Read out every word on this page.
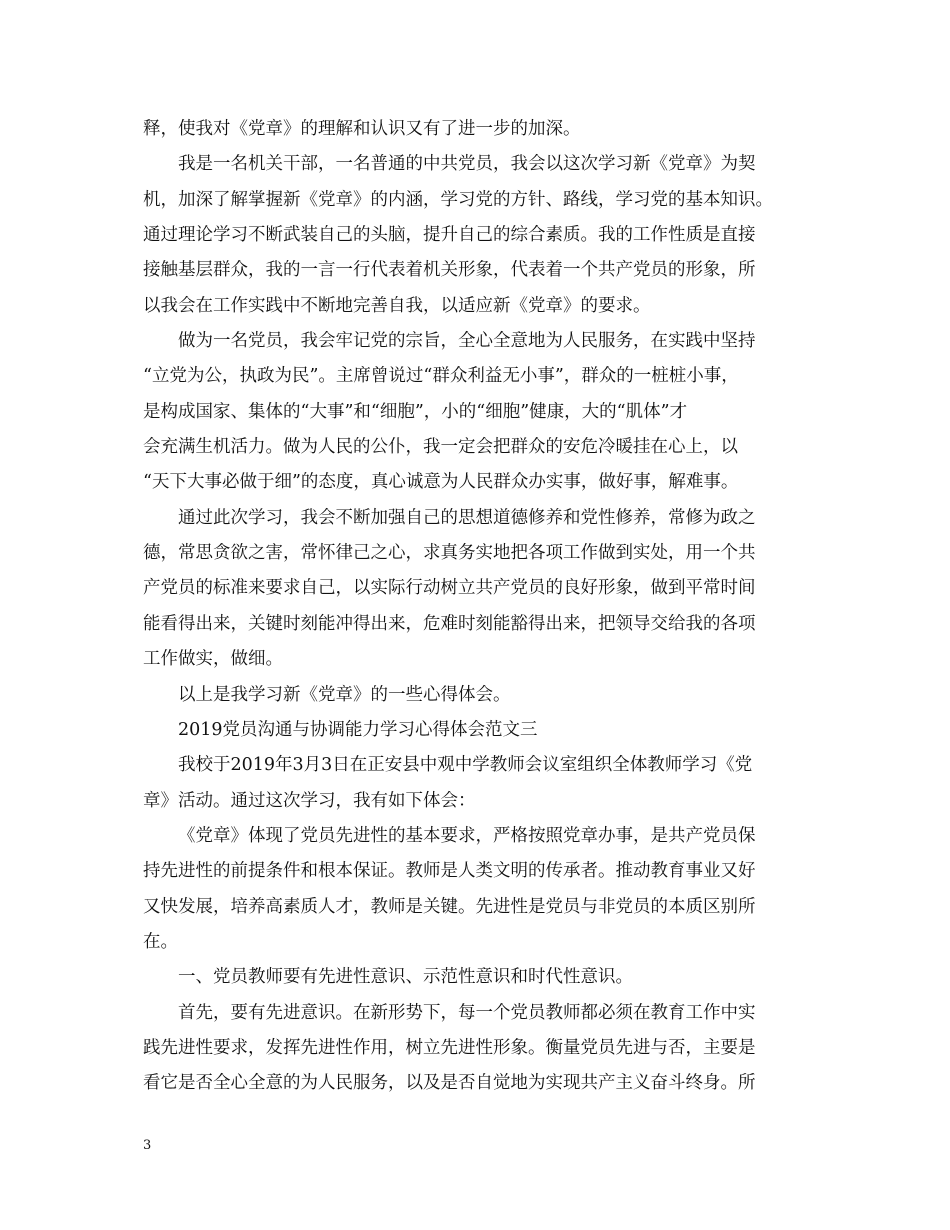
释，使我对《党章》的理解和认识又有了进一步的加深。
我是一名机关干部，一名普通的中共党员，我会以这次学习新《党章》为契
机，加深了解掌握新《党章》的内涵，学习党的方针、路线，学习党的基本知识。
通过理论学习不断武装自己的头脑，提升自己的综合素质。我的工作性质是直接
接触基层群众，我的一言一行代表着机关形象，代表着一个共产党员的形象，所
以我会在工作实践中不断地完善自我，以适应新《党章》的要求。
做为一名党员，我会牢记党的宗旨，全心全意地为人民服务，在实践中坚持
“立党为公，执政为民”。主席曾说过“群众利益无小事”，群众的一桩桩小事，
是构成国家、集体的“大事”和“细胞”，小的“细胞”健康，大的“肌体”才
会充满生机活力。做为人民的公仆，我一定会把群众的安危冷暖挂在心上，以
“天下大事必做于细”的态度，真心诚意为人民群众办实事，做好事，解难事。
通过此次学习，我会不断加强自己的思想道德修养和党性修养，常修为政之
德，常思贪欲之害，常怀律己之心，求真务实地把各项工作做到实处，用一个共
产党员的标准来要求自己，以实际行动树立共产党员的良好形象，做到平常时间
能看得出来，关键时刻能冲得出来，危难时刻能豁得出来，把领导交给我的各项
工作做实，做细。
以上是我学习新《党章》的一些心得体会。
2019党员沟通与协调能力学习心得体会范文三
我校于2019年3月3日在正安县中观中学教师会议室组织全体教师学习《党
章》活动。通过这次学习，我有如下体会：
《党章》体现了党员先进性的基本要求，严格按照党章办事，是共产党员保
持先进性的前提条件和根本保证。教师是人类文明的传承者。推动教育事业又好
又快发展，培养高素质人才，教师是关键。先进性是党员与非党员的本质区别所
在。
一、党员教师要有先进性意识、示范性意识和时代性意识。
首先，要有先进意识。在新形势下，每一个党员教师都必须在教育工作中实
践先进性要求，发挥先进性作用，树立先进性形象。衡量党员先进与否，主要是
看它是否全心全意的为人民服务，以及是否自觉地为实现共产主义奋斗终身。所
3
